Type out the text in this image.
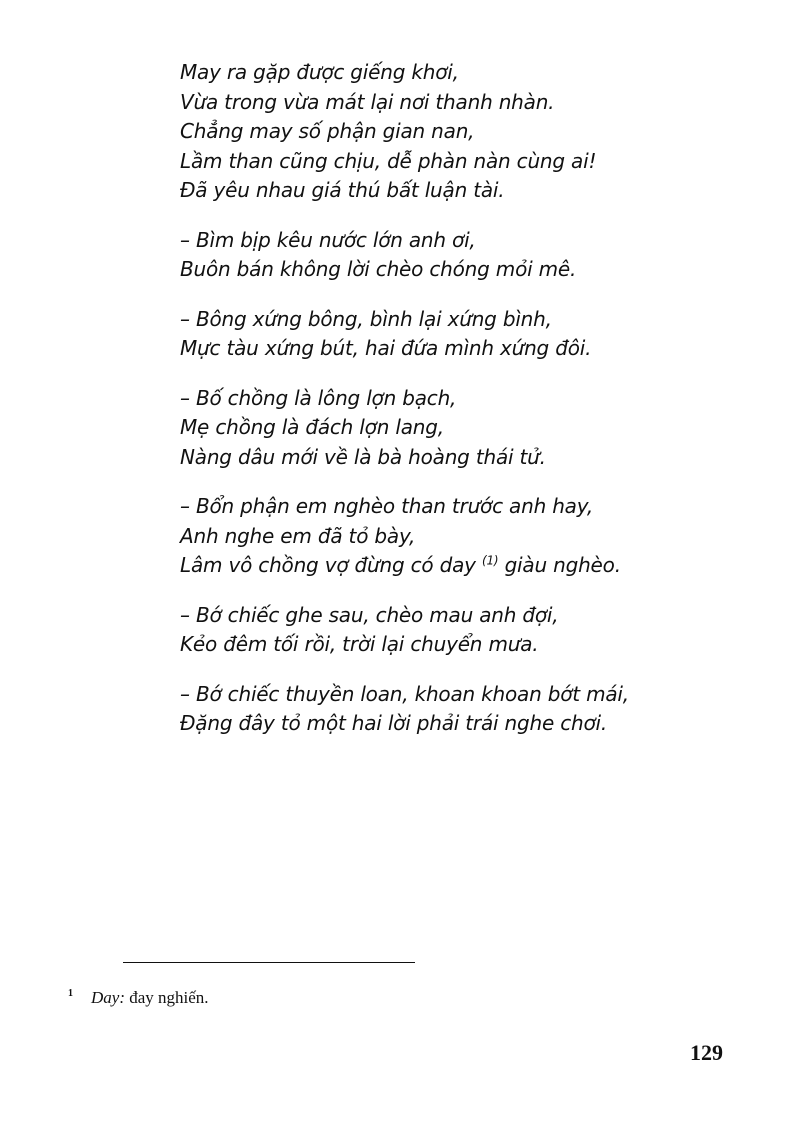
May ra gặp được giếng khơi,
Vừa trong vừa mát lại nơi thanh nhàn.
Chẳng may số phận gian nan,
Lầm than cũng chịu, dễ phàn nàn cùng ai!
Đã yêu nhau giá thú bất luận tài.
– Bìm bịp kêu nước lớn anh ơi,
Buôn bán không lời chèo chóng mỏi mê.
– Bông xứng bông, bình lại xứng bình,
Mực tàu xứng bút, hai đứa mình xứng đôi.
– Bố chồng là lông lợn bạch,
Mẹ chồng là đách lợn lang,
Nàng dâu mới về là bà hoàng thái tử.
– Bổn phận em nghèo than trước anh hay,
Anh nghe em đã tỏ bày,
Lâm vô chồng vợ đừng có day $^{(1)}$ giàu nghèo.
– Bớ chiếc ghe sau, chèo mau anh đợi,
Kẻo đêm tối rồi, trời lại chuyển mưa.
– Bớ chiếc thuyền loan, khoan khoan bớt mái,
Đặng đây tỏ một hai lời phải trái nghe chơi.
$^1$ Day: đay nghiến.
129
